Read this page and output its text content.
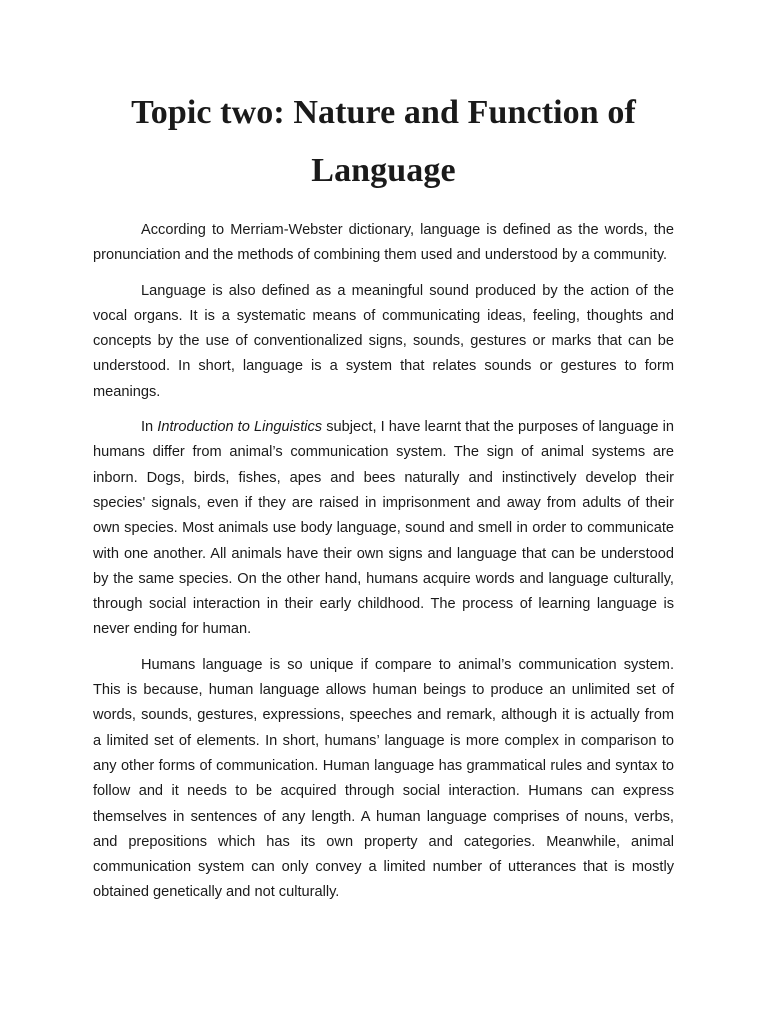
Topic two: Nature and Function of Language

According to Merriam-Webster dictionary, language is defined as the words, the pronunciation and the methods of combining them used and understood by a community.

Language is also defined as a meaningful sound produced by the action of the vocal organs. It is a systematic means of communicating ideas, feeling, thoughts and concepts by the use of conventionalized signs, sounds, gestures or marks that can be understood. In short, language is a system that relates sounds or gestures to form meanings.

In Introduction to Linguistics subject, I have learnt that the purposes of language in humans differ from animal’s communication system. The sign of animal systems are inborn. Dogs, birds, fishes, apes and bees naturally and instinctively develop their species' signals, even if they are raised in imprisonment and away from adults of their own species. Most animals use body language, sound and smell in order to communicate with one another. All animals have their own signs and language that can be understood by the same species. On the other hand, humans acquire words and language culturally, through social interaction in their early childhood. The process of learning language is never ending for human.

Humans language is so unique if compare to animal’s communication system. This is because, human language allows human beings to produce an unlimited set of words, sounds, gestures, expressions, speeches and remark, although it is actually from a limited set of elements. In short, humans’ language is more complex in comparison to any other forms of communication. Human language has grammatical rules and syntax to follow and it needs to be acquired through social interaction. Humans can express themselves in sentences of any length. A human language comprises of nouns, verbs, and prepositions which has its own property and categories. Meanwhile, animal communication system can only convey a limited number of utterances that is mostly obtained genetically and not culturally.
